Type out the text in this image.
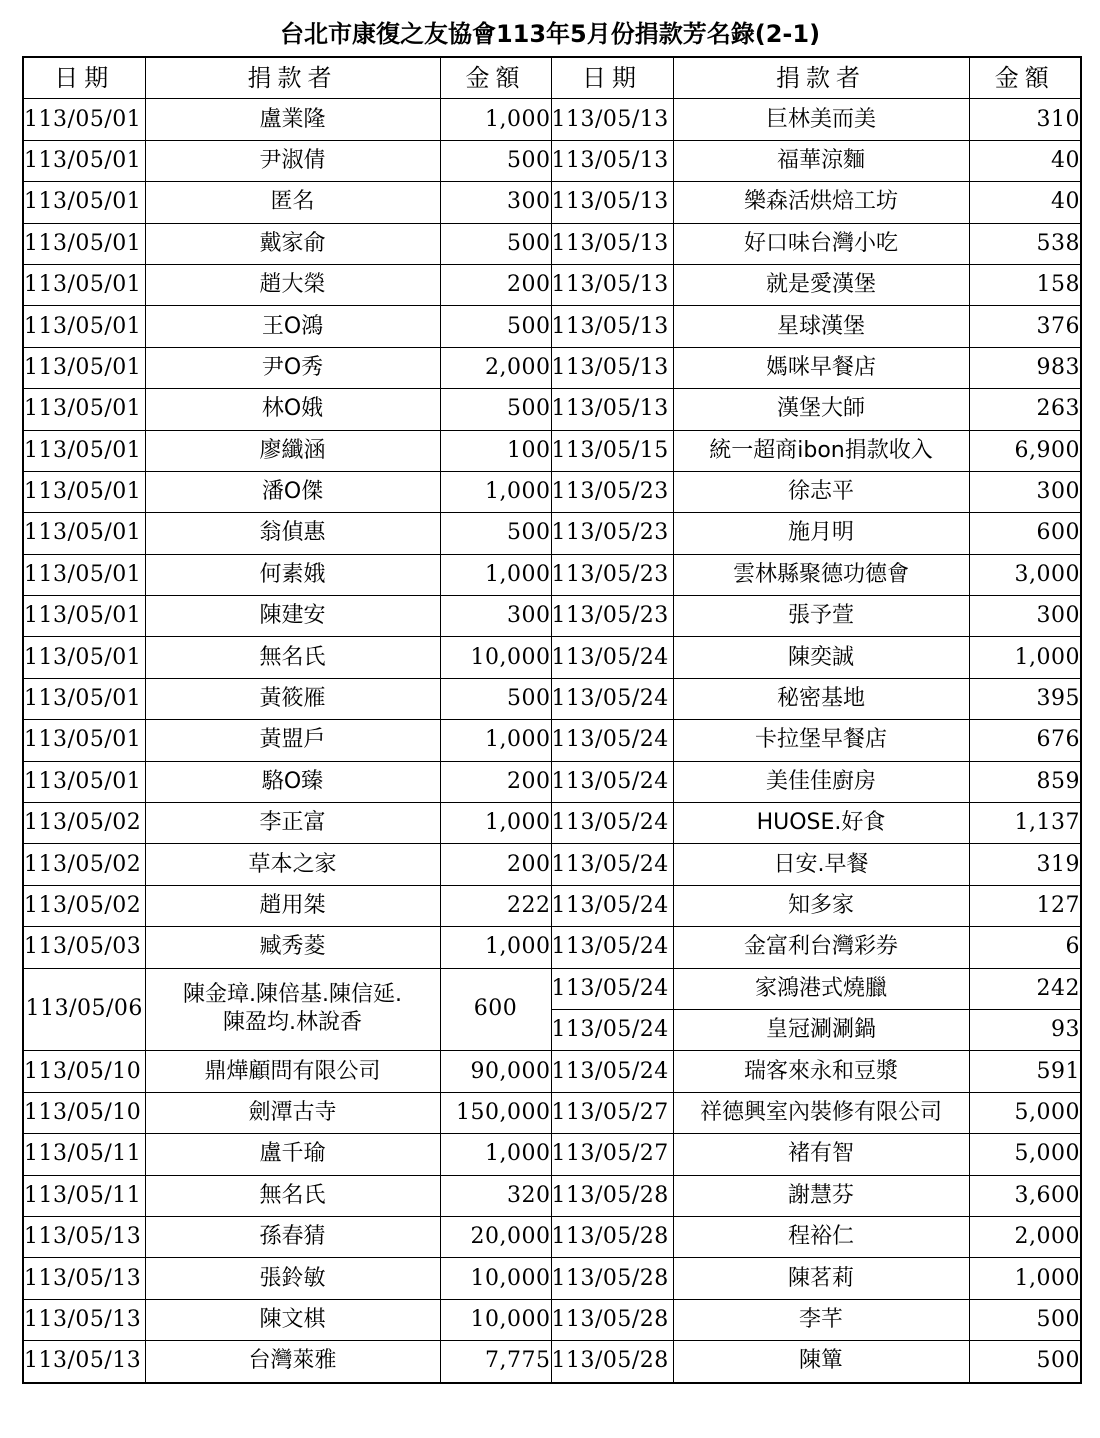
台北市康復之友協會113年5月份捐款芳名錄(2-1)
日期	捐款者	金額	日期	捐款者	金額
113/05/01	盧業隆	1,000	113/05/13	巨林美而美	310
113/05/01	尹淑倩	500	113/05/13	福華涼麵	40
113/05/01	匿名	300	113/05/13	樂森活烘焙工坊	40
113/05/01	戴家俞	500	113/05/13	好口味台灣小吃	538
113/05/01	趙大榮	200	113/05/13	就是愛漢堡	158
113/05/01	王O鴻	500	113/05/13	星球漢堡	376
113/05/01	尹O秀	2,000	113/05/13	媽咪早餐店	983
113/05/01	林O娥	500	113/05/13	漢堡大師	263
113/05/01	廖纖涵	100	113/05/15	統一超商ibon捐款收入	6,900
113/05/01	潘O傑	1,000	113/05/23	徐志平	300
113/05/01	翁偵惠	500	113/05/23	施月明	600
113/05/01	何素娥	1,000	113/05/23	雲林縣聚德功德會	3,000
113/05/01	陳建安	300	113/05/23	張予萱	300
113/05/01	無名氏	10,000	113/05/24	陳奕誠	1,000
113/05/01	黃筱雁	500	113/05/24	秘密基地	395
113/05/01	黃盟戶	1,000	113/05/24	卡拉堡早餐店	676
113/05/01	駱O臻	200	113/05/24	美佳佳廚房	859
113/05/02	李正富	1,000	113/05/24	HUOSE.好食	1,137
113/05/02	草本之家	200	113/05/24	日安.早餐	319
113/05/02	趙用桀	222	113/05/24	知多家	127
113/05/03	臧秀菱	1,000	113/05/24	金富利台灣彩券	6
113/05/06	陳金璋.陳倍基.陳信延.
陳盈均.林說香	600	113/05/24	家鴻港式燒臘	242
			113/05/24	皇冠涮涮鍋	93
113/05/10	鼎燁顧問有限公司	90,000	113/05/24	瑞客來永和豆漿	591
113/05/10	劍潭古寺	150,000	113/05/27	祥德興室內裝修有限公司	5,000
113/05/11	盧千瑜	1,000	113/05/27	褚有智	5,000
113/05/11	無名氏	320	113/05/28	謝慧芬	3,600
113/05/13	孫春猜	20,000	113/05/28	程裕仁	2,000
113/05/13	張鈴敏	10,000	113/05/28	陳茗莉	1,000
113/05/13	陳文棋	10,000	113/05/28	李芊	500
113/05/13	台灣萊雅	7,775	113/05/28	陳簞	500
